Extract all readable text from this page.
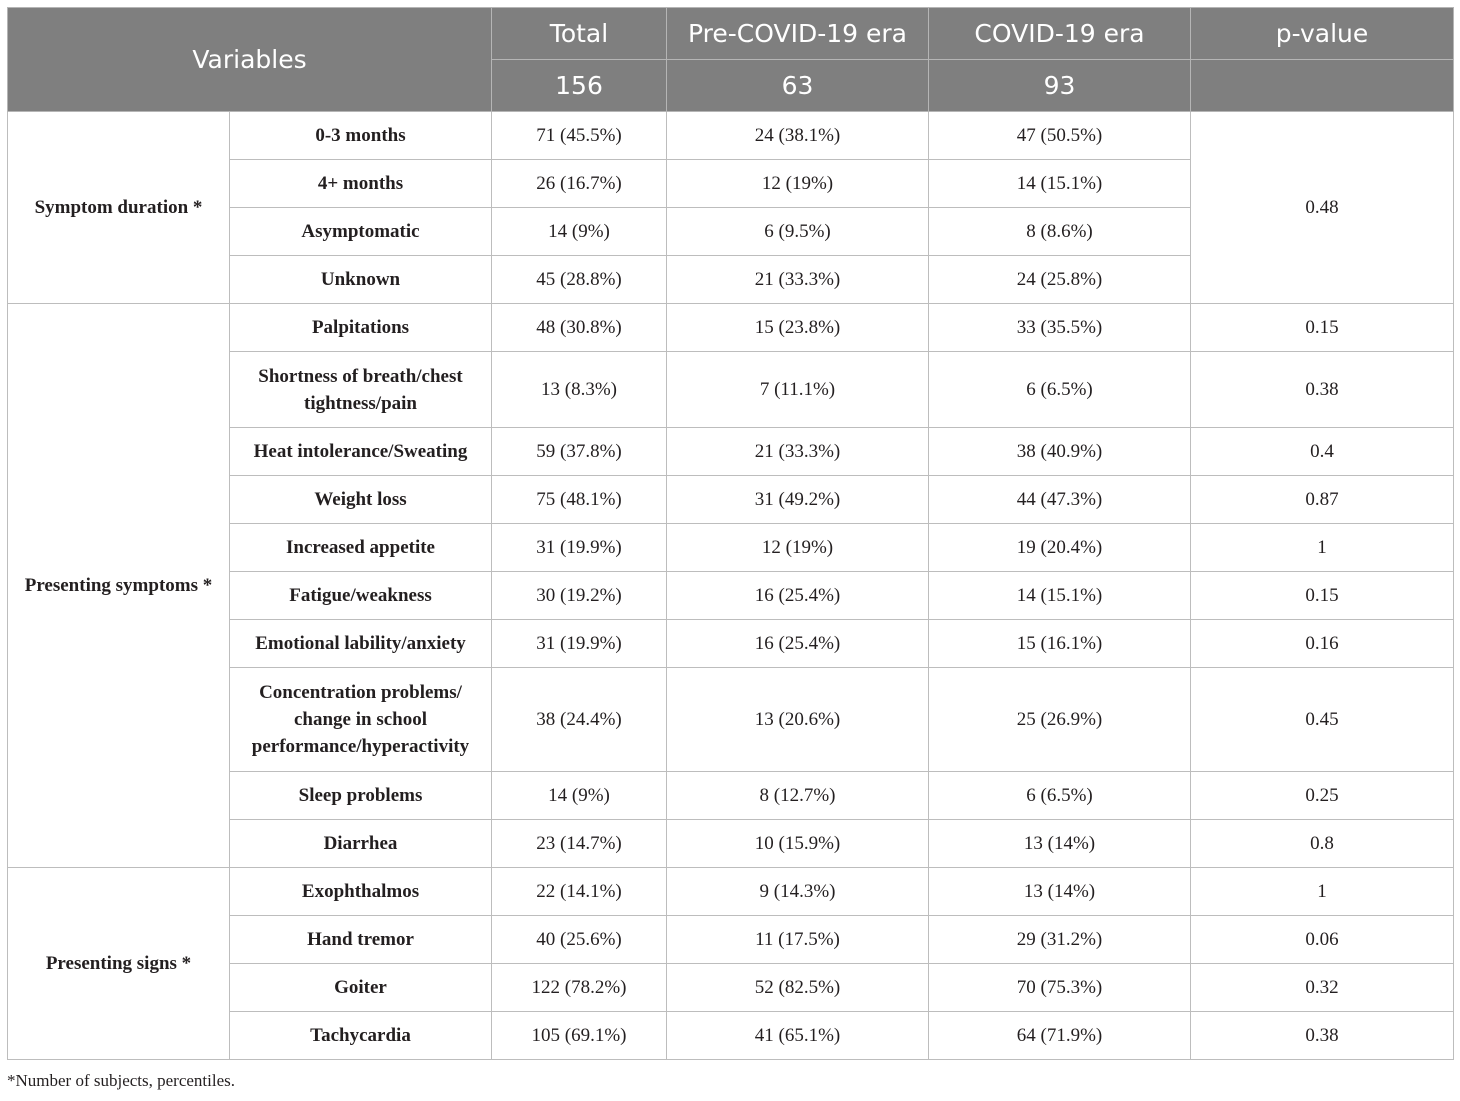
Variables		Total	Pre-COVID-19 era	COVID-19 era	p-value
		156	63	93	
Symptom duration *	0-3 months	71 (45.5%)	24 (38.1%)	47 (50.5%)	0.48
	4+ months	26 (16.7%)	12 (19%)	14 (15.1%)	
	Asymptomatic	14 (9%)	6 (9.5%)	8 (8.6%)	
	Unknown	45 (28.8%)	21 (33.3%)	24 (25.8%)	
Presenting symptoms *	Palpitations	48 (30.8%)	15 (23.8%)	33 (35.5%)	0.15
	Shortness of breath/chest tightness/pain	13 (8.3%)	7 (11.1%)	6 (6.5%)	0.38
	Heat intolerance/Sweating	59 (37.8%)	21 (33.3%)	38 (40.9%)	0.4
	Weight loss	75 (48.1%)	31 (49.2%)	44 (47.3%)	0.87
	Increased appetite	31 (19.9%)	12 (19%)	19 (20.4%)	1
	Fatigue/weakness	30 (19.2%)	16 (25.4%)	14 (15.1%)	0.15
	Emotional lability/anxiety	31 (19.9%)	16 (25.4%)	15 (16.1%)	0.16
	Concentration problems/ change in school performance/hyperactivity	38 (24.4%)	13 (20.6%)	25 (26.9%)	0.45
	Sleep problems	14 (9%)	8 (12.7%)	6 (6.5%)	0.25
	Diarrhea	23 (14.7%)	10 (15.9%)	13 (14%)	0.8
Presenting signs *	Exophthalmos	22 (14.1%)	9 (14.3%)	13 (14%)	1
	Hand tremor	40 (25.6%)	11 (17.5%)	29 (31.2%)	0.06
	Goiter	122 (78.2%)	52 (82.5%)	70 (75.3%)	0.32
	Tachycardia	105 (69.1%)	41 (65.1%)	64 (71.9%)	0.38
*Number of subjects, percentiles.
